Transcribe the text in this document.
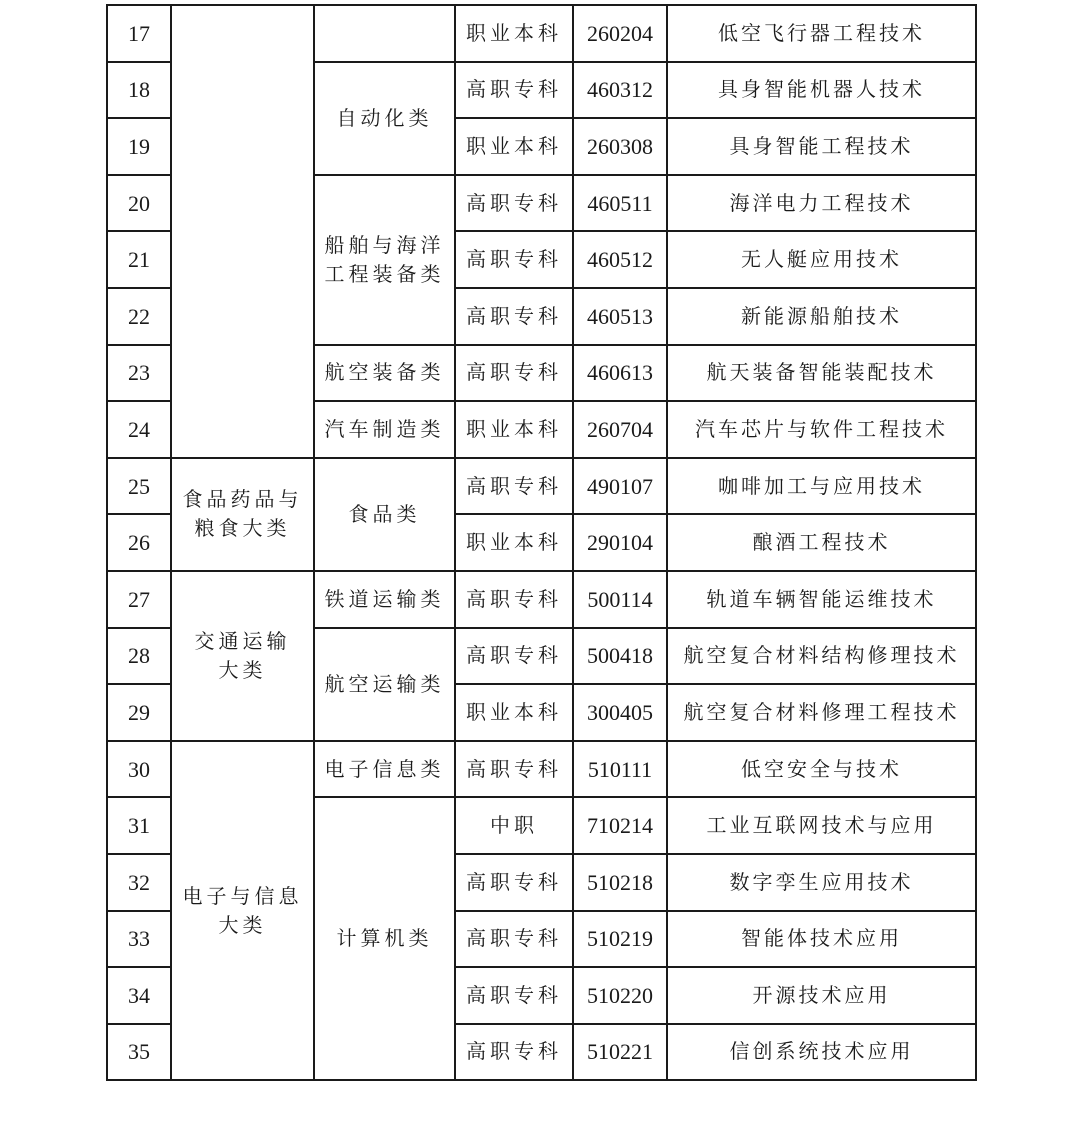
17			职业本科	260204	低空飞行器工程技术
18		自动化类	高职专科	460312	具身智能机器人技术
19			职业本科	260308	具身智能工程技术
20		船舶与海洋工程装备类	高职专科	460511	海洋电力工程技术
21			高职专科	460512	无人艇应用技术
22			高职专科	460513	新能源船舶技术
23		航空装备类	高职专科	460613	航天装备智能装配技术
24		汽车制造类	职业本科	260704	汽车芯片与软件工程技术
25	食品药品与粮食大类	食品类	高职专科	490107	咖啡加工与应用技术
26			职业本科	290104	酿酒工程技术
27	交通运输大类	铁道运输类	高职专科	500114	轨道车辆智能运维技术
28		航空运输类	高职专科	500418	航空复合材料结构修理技术
29			职业本科	300405	航空复合材料修理工程技术
30	电子与信息大类	电子信息类	高职专科	510111	低空安全与技术
31		计算机类	中职	710214	工业互联网技术与应用
32			高职专科	510218	数字孪生应用技术
33			高职专科	510219	智能体技术应用
34			高职专科	510220	开源技术应用
35			高职专科	510221	信创系统技术应用
